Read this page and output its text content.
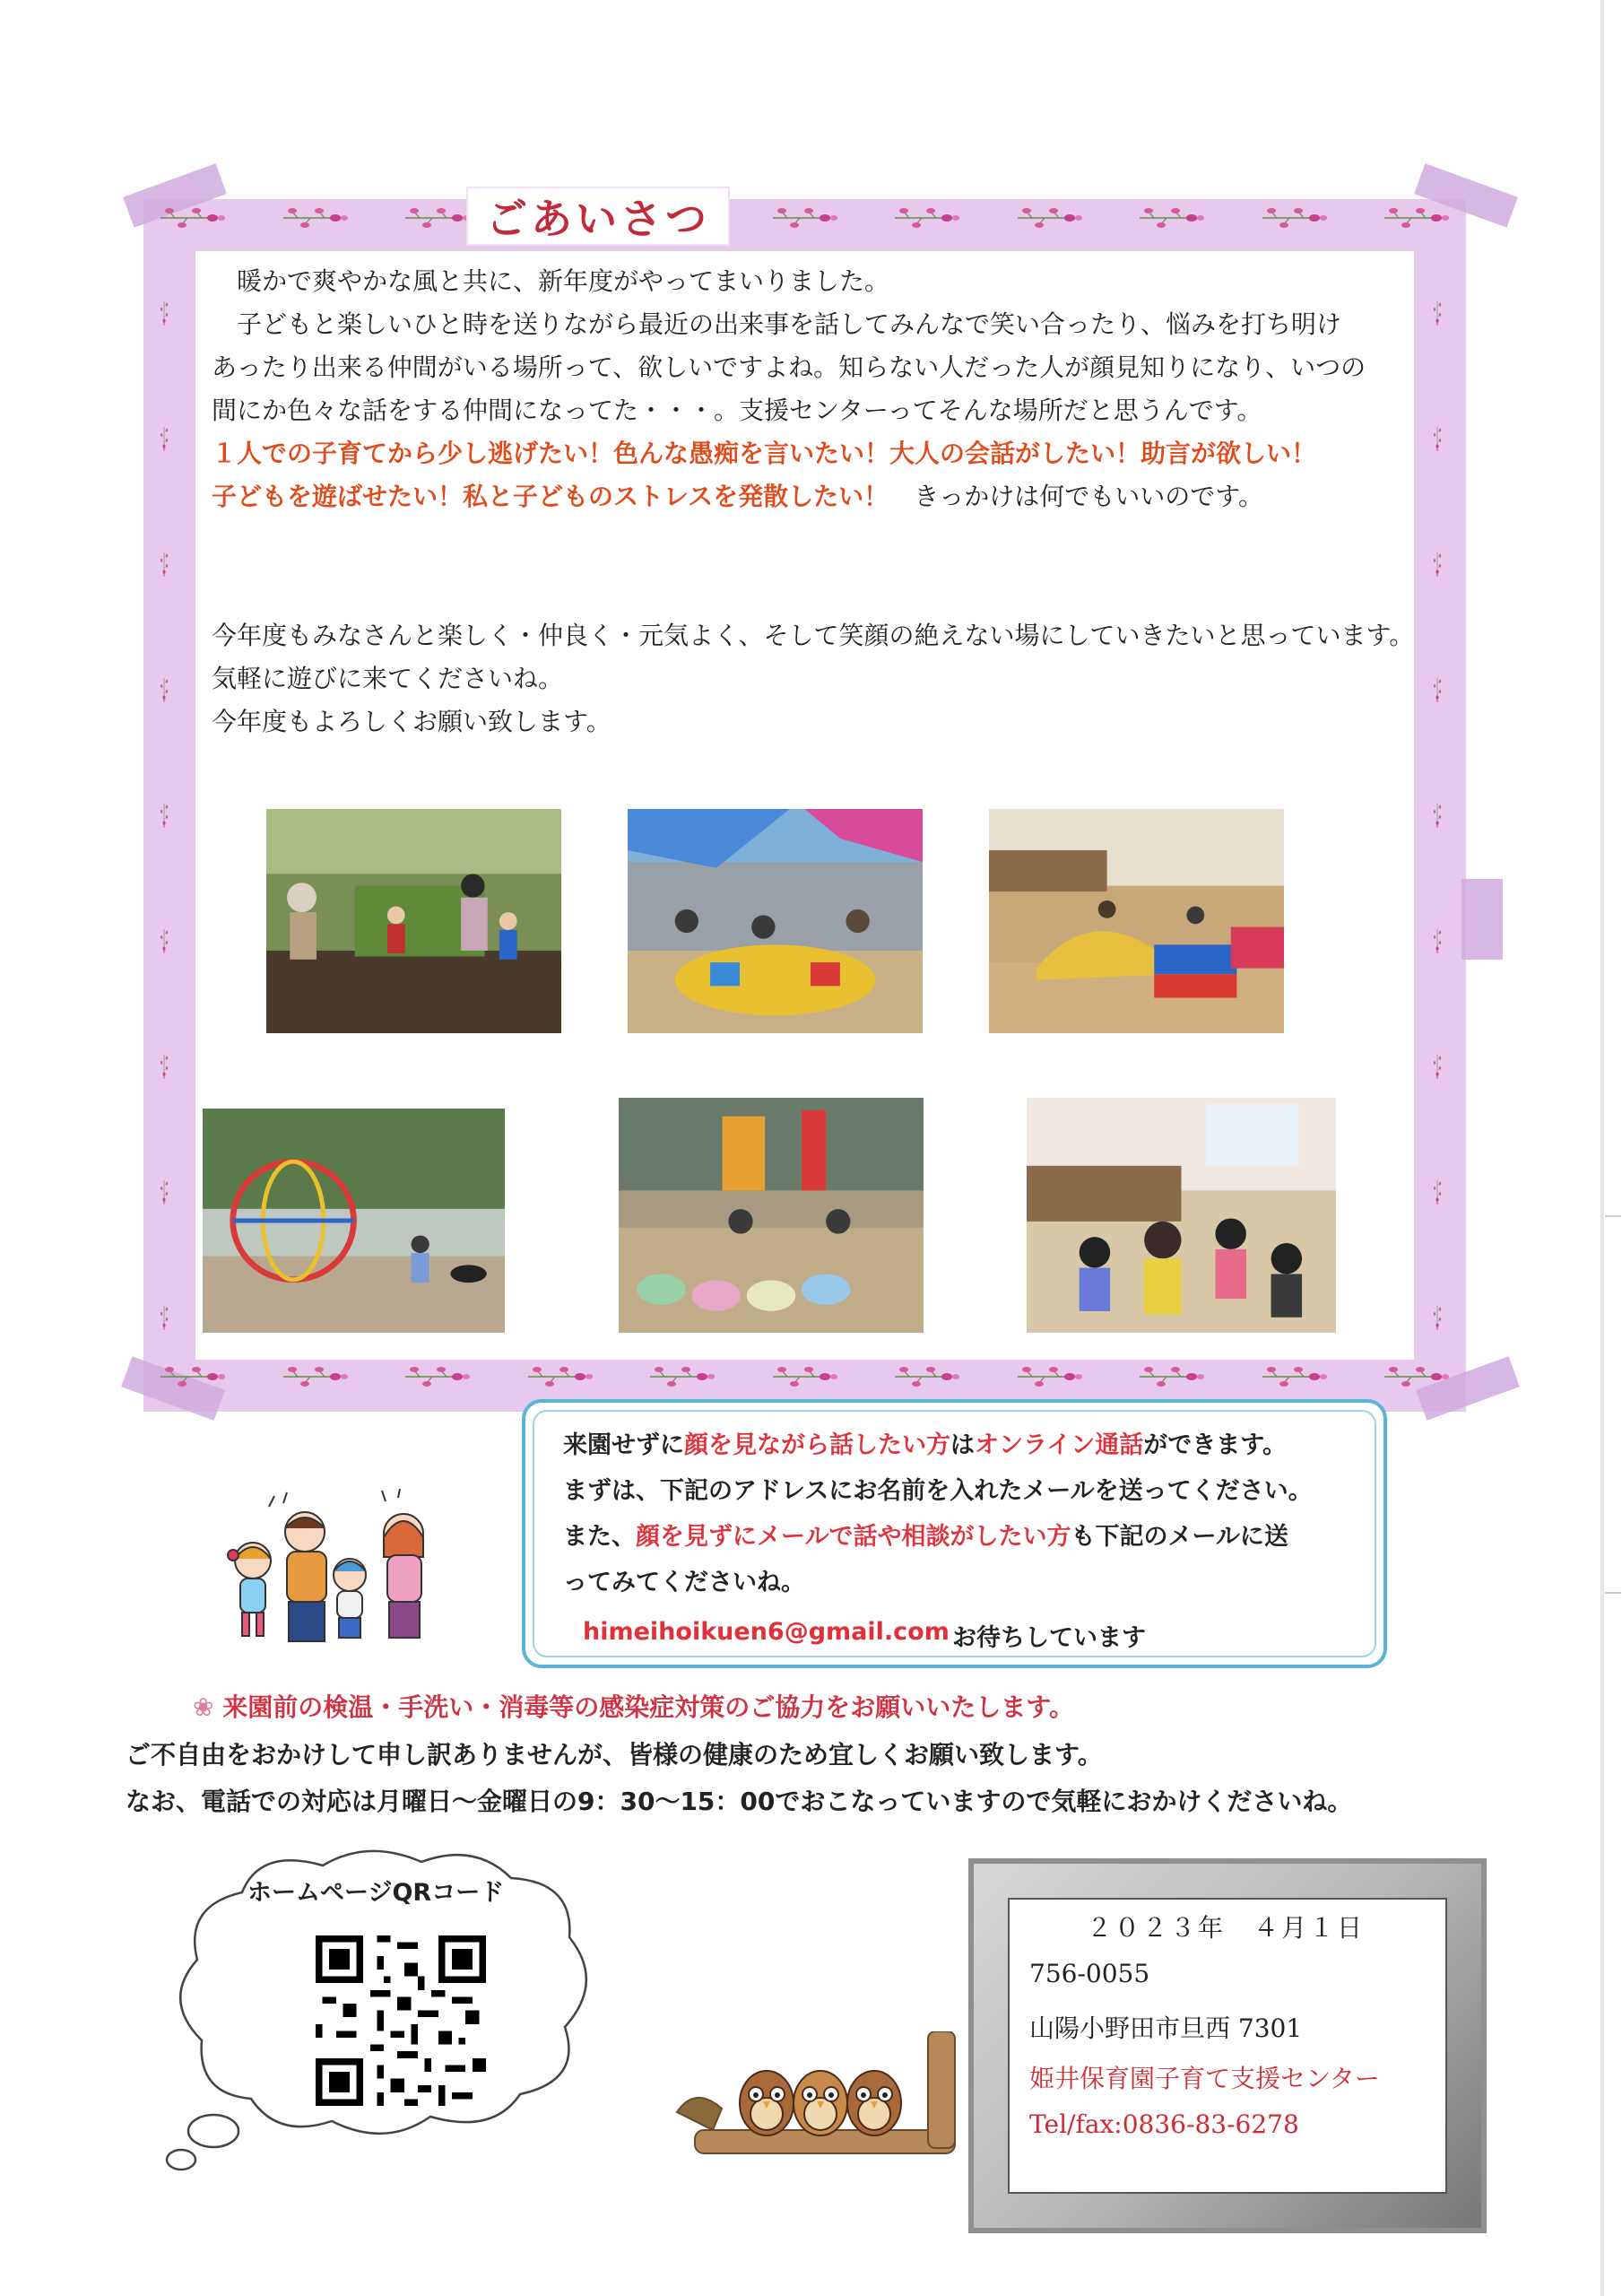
ごあいさつ
暖かで爽やかな風と共に、新年度がやってまいりました。
子どもと楽しいひと時を送りながら最近の出来事を話してみんなで笑い合ったり、悩みを打ち明け
あったり出来る仲間がいる場所って、欲しいですよね。知らない人だった人が顔見知りになり、いつの
間にか色々な話をする仲間になってた・・・。支援センターってそんな場所だと思うんです。
１人での子育てから少し逃げたい！色んな愚痴を言いたい！大人の会話がしたい！助言が欲しい！
子どもを遊ばせたい！私と子どものストレスを発散したい！　 きっかけは何でもいいのです。
今年度もみなさんと楽しく・仲良く・元気よく、そして笑顔の絶えない場にしていきたいと思っています。
気軽に遊びに来てくださいね。
今年度もよろしくお願い致します。
来園せずに顔を見ながら話したい方はオンライン通話ができます。
まずは、下記のアドレスにお名前を入れたメールを送ってください。
また、顔を見ずにメールで話や相談がしたい方も下記のメールに送
ってみてくださいね。
himeihoikuen6@gmail.com お待ちしています

❀ 来園前の検温・手洗い・消毒等の感染症対策のご協力をお願いいたします。

ご不自由をおかけして申し訳ありませんが、皆様の健康のため宜しくお願い致します。

なお、電話での対応は月曜日～金曜日の9：30～15：00でおこなっていますので気軽におかけくださいね。

ホームページQRコード

２０２３年　４月１日

756-0055

山陽小野田市旦西 7301

姫井保育園子育て支援センター

Tel/fax:0836-83-6278
